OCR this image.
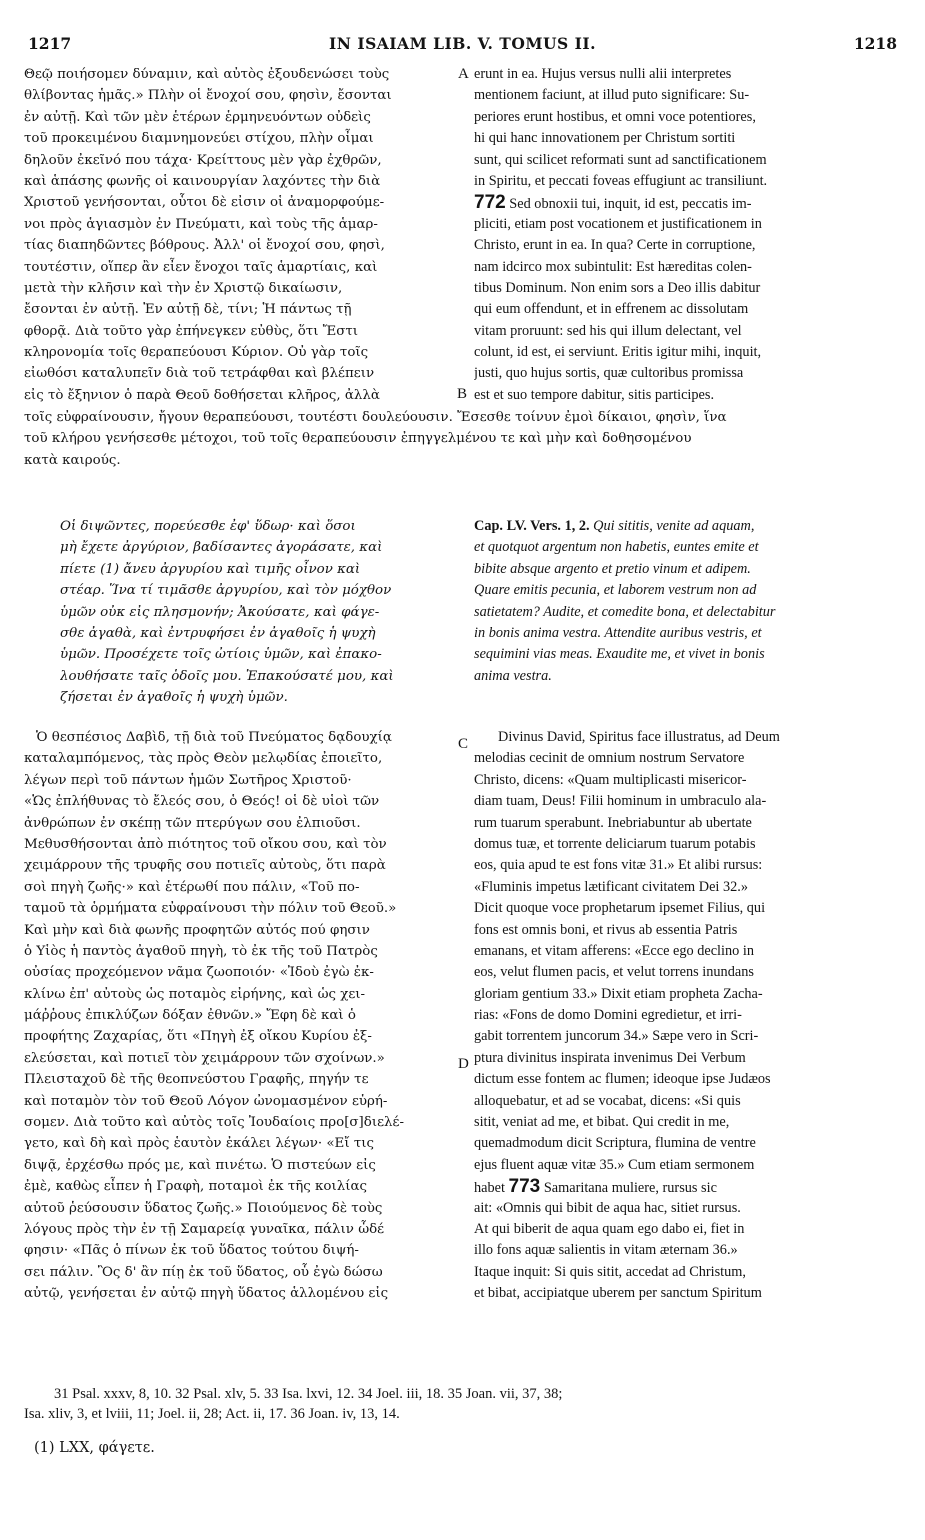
1217	IN ISAIAM LIB. V. TOMUS II.	1218
Θεῷ ποιήσομεν δύναμιν, καὶ αὐτὸς ἐξουδενώσει τοὺς
θλίβοντας ἡμᾶς.» Πλὴν οἱ ἔνοχοί σου, φησὶν, ἔσονται
ἐν αὐτῇ. Καὶ τῶν μὲν ἑτέρων ἑρμηνευόντων οὐδεὶς
τοῦ προκειμένου διαμνημονεύει στίχου, πλὴν οἶμαι
δηλοῦν ἐκεῖνό που τάχα· Κρείττους μὲν γὰρ ἐχθρῶν,
καὶ ἁπάσης φωνῆς οἱ καινουργίαν λαχόντες τὴν διὰ
Χριστοῦ γενήσονται, οὗτοι δὲ εἰσιν οἱ ἀναμορφούμε-
νοι πρὸς ἁγιασμὸν ἐν Πνεύματι, καὶ τοὺς τῆς ἁμαρ-
τίας διαπηδῶντες βόθρους. Ἀλλ' οἱ ἔνοχοί σου, φησὶ,
τουτέστιν, οἵπερ ἂν εἶεν ἔνοχοι ταῖς ἁμαρτίαις, καὶ
μετὰ τὴν κλῆσιν καὶ τὴν ἐν Χριστῷ δικαίωσιν,
ἔσονται ἐν αὐτῇ. Ἐν αὐτῇ δὲ, τίνι; Ἡ πάντως τῇ
φθορᾷ. Διὰ τοῦτο γὰρ ἐπήνεγκεν εὐθὺς, ὅτι Ἔστι
κληρονομία τοῖς θεραπεύουσι Κύριον. Οὐ γὰρ τοῖς
εἰωθόσι καταλυπεῖν διὰ τοῦ τετράφθαι καὶ βλέπειν
erunt in ea. Hujus versus nulli alii interpretes
mentionem faciunt, at illud puto significare: Su-
periores erunt hostibus, et omni voce potentiores,
hi qui hanc innovationem per Christum sortiti
sunt, qui scilicet reformati sunt ad sanctificationem
in Spiritu, et peccati foveas effugiunt ac transiliunt.
772 Sed obnoxii tui, inquit, id est, peccatis im-
pliciti, etiam post vocationem et justificationem in
Christo, erunt in ea. In qua? Certe in corruptione,
nam idcirco mox subintulit: Est hæreditas colen-
tibus Dominum. Non enim sors a Deo illis dabitur
qui eum offendunt, et in effrenem ac dissolutam
vitam proruunt: sed his qui illum delectant, vel
colunt, id est, ei serviunt. Eritis igitur mihi, inquit,
justi, quo hujus sortis, quæ cultoribus promissa
εἰς τὸ ἔξηνιον ὁ παρὰ Θεοῦ δοθήσεται κλῆρος, ἀλλὰ	est et suo tempore dabitur, sitis participes.
τοῖς εὐφραίνουσιν, ἤγουν θεραπεύουσι, τουτέστι δουλεύουσιν. Ἔσεσθε τοίνυν ἐμοὶ δίκαιοι, φησὶν, ἵνα
τοῦ κλήρου γενήσεσθε μέτοχοι, τοῦ τοῖς θεραπεύουσιν ἐπηγγελμένου τε καὶ μὴν καὶ δοθησομένου
κατὰ καιρούς.
Οἱ διψῶντες, πορεύεσθε ἐφ' ὕδωρ· καὶ ὅσοι
μὴ ἔχετε ἀργύριον, βαδίσαντες ἀγοράσατε, καὶ
πίετε (1) ἄνευ ἀργυρίου καὶ τιμῆς οἶνον καὶ
στέαρ. Ἵνα τί τιμᾶσθε ἀργυρίου, καὶ τὸν μόχθον
ὑμῶν οὐκ εἰς πλησμονήν; Ἀκούσατε, καὶ φάγε-
σθε ἀγαθὰ, καὶ ἐντρυφήσει ἐν ἀγαθοῖς ἡ ψυχὴ
ὑμῶν. Προσέχετε τοῖς ὠτίοις ὑμῶν, καὶ ἐπακο-
λουθήσατε ταῖς ὁδοῖς μου. Ἐπακούσατέ μου, καὶ
ζήσεται ἐν ἀγαθοῖς ἡ ψυχὴ ὑμῶν.
Cap. LV. Vers. 1, 2. Qui sititis, venite ad aquam,
et quotquot argentum non habetis, euntes emite et
bibite absque argento et pretio vinum et adipem.
Quare emitis pecunia, et laborem vestrum non ad
satietatem? Audite, et comedite bona, et delectabitur
in bonis anima vestra. Attendite auribus vestris, et
sequimini vias meas. Exaudite me, et vivet in bonis
anima vestra.
Ὁ θεσπέσιος Δαβὶδ, τῇ διὰ τοῦ Πνεύματος δᾳδουχίᾳ
καταλαμπόμενος, τὰς πρὸς Θεὸν μελῳδίας ἐποιεῖτο,
λέγων περὶ τοῦ πάντων ἡμῶν Σωτῆρος Χριστοῦ·
«Ὡς ἐπλήθυνας τὸ ἔλεός σου, ὁ Θεός! οἱ δὲ υἱοὶ τῶν
ἀνθρώπων ἐν σκέπῃ τῶν πτερύγων σου ἐλπιοῦσι.
Μεθυσθήσονται ἀπὸ πιότητος τοῦ οἴκου σου, καὶ τὸν
χειμάρρουν τῆς τρυφῆς σου ποτιεῖς αὐτοὺς, ὅτι παρὰ
σοὶ πηγὴ ζωῆς·» καὶ ἑτέρωθί που πάλιν, «Τοῦ πο-
ταμοῦ τὰ ὁρμήματα εὐφραίνουσι τὴν πόλιν τοῦ Θεοῦ.»
Καὶ μὴν καὶ διὰ φωνῆς προφητῶν αὐτός πού φησιν
ὁ Υἱὸς ἡ παντὸς ἀγαθοῦ πηγὴ, τὸ ἐκ τῆς τοῦ Πατρὸς
οὐσίας προχεόμενον νᾶμα ζωοποιόν· «Ἰδοὺ ἐγὼ ἐκ-
κλίνω ἐπ' αὐτοὺς ὡς ποταμὸς εἰρήνης, καὶ ὡς χει-
μάῤῥους ἐπικλύζων δόξαν ἐθνῶν.» Ἔφη δὲ καὶ ὁ
προφήτης Ζαχαρίας, ὅτι «Πηγὴ ἐξ οἴκου Κυρίου ἐξ-
ελεύσεται, καὶ ποτιεῖ τὸν χειμάρρουν τῶν σχοίνων.»
Πλεισταχοῦ δὲ τῆς θεοπνεύστου Γραφῆς, πηγήν τε
καὶ ποταμὸν τὸν τοῦ Θεοῦ Λόγον ὠνομασμένον εὑρή-
σομεν. Διὰ τοῦτο καὶ αὐτὸς τοῖς Ἰουδαίοις προ[σ]διελέ-
γετο, καὶ δὴ καὶ πρὸς ἑαυτὸν ἐκάλει λέγων· «Εἴ τις
διψᾷ, ἐρχέσθω πρός με, καὶ πινέτω. Ὁ πιστεύων εἰς
ἐμὲ, καθὼς εἶπεν ἡ Γραφὴ, ποταμοὶ ἐκ τῆς κοιλίας
αὐτοῦ ῥεύσουσιν ὕδατος ζωῆς.» Ποιούμενος δὲ τοὺς
λόγους πρὸς τὴν ἐν τῇ Σαμαρείᾳ γυναῖκα, πάλιν ὧδέ
φησιν· «Πᾶς ὁ πίνων ἐκ τοῦ ὕδατος τούτου διψή-
σει πάλιν. Ὃς δ' ἂν πίῃ ἐκ τοῦ ὕδατος, οὗ ἐγὼ δώσω
αὐτῷ, γενήσεται ἐν αὐτῷ πηγὴ ὕδατος ἁλλομένου εἰς
Divinus David, Spiritus face illustratus, ad Deum
melodias cecinit de omnium nostrum Servatore
Christo, dicens: «Quam multiplicasti misericor-
diam tuam, Deus! Filii hominum in umbraculo ala-
rum tuarum sperabunt. Inebriabuntur ab ubertate
domus tuæ, et torrente deliciarum tuarum potabis
eos, quia apud te est fons vitæ 31.» Et alibi rursus:
«Fluminis impetus lætificant civitatem Dei 32.»
Dicit quoque voce prophetarum ipsemet Filius, qui
fons est omnis boni, et rivus ab essentia Patris
emanans, et vitam afferens: «Ecce ego declino in
eos, velut flumen pacis, et velut torrens inundans
gloriam gentium 33.» Dixit etiam propheta Zacha-
rias: «Fons de domo Domini egredietur, et irri-
gabit torrentem juncorum 34.» Sæpe vero in Scri-
ptura divinitus inspirata invenimus Dei Verbum
dictum esse fontem ac flumen; ideoque ipse Judæos
alloquebatur, et ad se vocabat, dicens: «Si quis
sitit, veniat ad me, et bibat. Qui credit in me,
quemadmodum dicit Scriptura, flumina de ventre
ejus fluent aquæ vitæ 35.» Cum etiam sermonem
habet 773 Samaritana muliere, rursus sic
ait: «Omnis qui bibit de aqua hac, sitiet rursus.
At qui biberit de aqua quam ego dabo ei, fiet in
illo fons aquæ salientis in vitam æternam 36.»
Itaque inquit: Si quis sitit, accedat ad Christum,
et bibat, accipiatque uberem per sanctum Spiritum
A
B
C
D
31 Psal. xxxv, 8, 10. 32 Psal. xlv, 5. 33 Isa. lxvi, 12. 34 Joel. iii, 18. 35 Joan. vii, 37, 38;
Isa. xliv, 3, et lviii, 11; Joel. ii, 28; Act. ii, 17. 36 Joan. iv, 13, 14.
(1) LXX, φάγετε.
